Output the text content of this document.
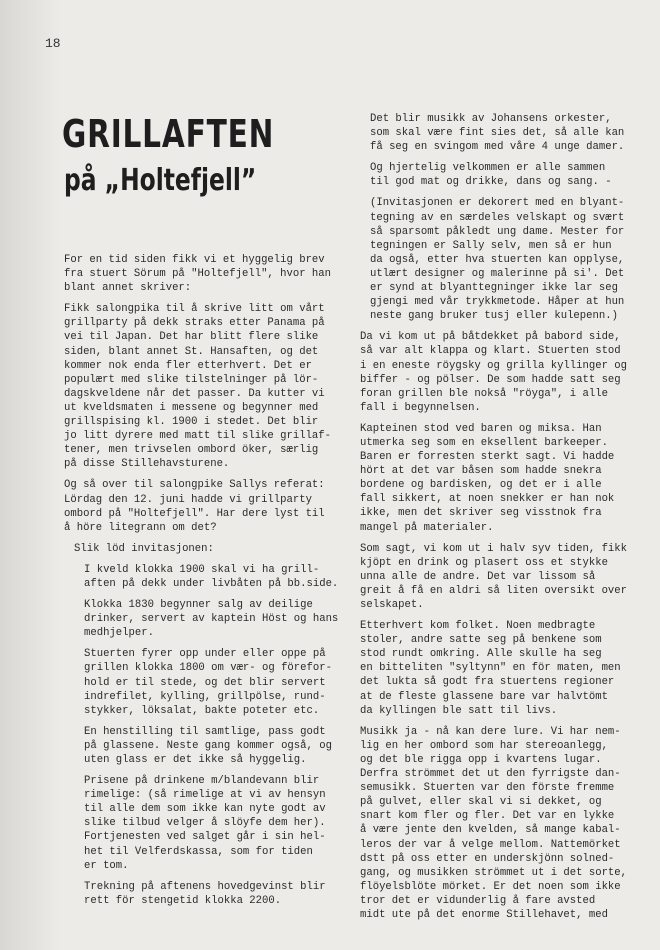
18
GRILLAFTEN
på „Holtefjell”

For en tid siden fikk vi et hyggelig brev
fra stuert Sörum på "Holtefjell", hvor han
blant annet skriver:

Fikk salongpika til å skrive litt om vårt
grillparty på dekk straks etter Panama på
vei til Japan. Det har blitt flere slike
siden, blant annet St. Hansaften, og det
kommer nok enda fler etterhvert. Det er
populært med slike tilstelninger på lör-
dagskveldene når det passer. Da kutter vi
ut kveldsmaten i messene og begynner med
grillspising kl. 1900 i stedet. Det blir
jo litt dyrere med matt til slike grillaf-
tener, men trivselen ombord öker, særlig
på disse Stillehavsturene.

Og så over til salongpike Sallys referat:
Lördag den 12. juni hadde vi grillparty
ombord på "Holtefjell". Har dere lyst til
å höre litegrann om det?

Slik löd invitasjonen:

I kveld klokka 1900 skal vi ha grill-
aften på dekk under livbåten på bb.side.

Klokka 1830 begynner salg av deilige
drinker, servert av kaptein Höst og hans
medhjelper.

Stuerten fyrer opp under eller oppe på
grillen klokka 1800 om vær- og förefor-
hold er til stede, og det blir servert
indrefilet, kylling, grillpölse, rund-
stykker, löksalat, bakte poteter etc.

En henstilling til samtlige, pass godt
på glassene. Neste gang kommer også, og
uten glass er det ikke så hyggelig.

Prisene på drinkene m/blandevann blir
rimelige: (så rimelige at vi av hensyn
til alle dem som ikke kan nyte godt av
slike tilbud velger å slöyfe dem her).
Fortjenesten ved salget går i sin hel-
het til Velferdskassa, som for tiden
er tom.

Trekning på aftenens hovedgevinst blir
rett för stengetid klokka 2200.

Det blir musikk av Johansens orkester,
som skal være fint sies det, så alle kan
få seg en svingom med våre 4 unge damer.

Og hjertelig velkommen er alle sammen
til god mat og drikke, dans og sang. -

(Invitasjonen er dekorert med en blyant-
tegning av en særdeles velskapt og svært
så sparsomt påkledt ung dame. Mester for
tegningen er Sally selv, men så er hun
da også, etter hva stuerten kan opplyse,
utlært designer og malerinne på si'. Det
er synd at blyanttegninger ikke lar seg
gjengi med vår trykkmetode. Håper at hun
neste gang bruker tusj eller kulepenn.)

Da vi kom ut på båtdekket på babord side,
så var alt klappa og klart. Stuerten stod
i en eneste röygsky og grilla kyllinger og
biffer - og pölser. De som hadde satt seg
foran grillen ble nokså "röyga", i alle
fall i begynnelsen.

Kapteinen stod ved baren og miksa. Han
utmerka seg som en eksellent barkeeper.
Baren er forresten sterkt sagt. Vi hadde
hört at det var båsen som hadde snekra
bordene og bardisken, og det er i alle
fall sikkert, at noen snekker er han nok
ikke, men det skriver seg visstnok fra
mangel på materialer.

Som sagt, vi kom ut i halv syv tiden, fikk
kjöpt en drink og plasert oss et stykke
unna alle de andre. Det var lissom så
greit å få en aldri så liten oversikt over
selskapet.

Etterhvert kom folket. Noen medbragte
stoler, andre satte seg på benkene som
stod rundt omkring. Alle skulle ha seg
en bitteliten "syltynn" en för maten, men
det lukta så godt fra stuertens regioner
at de fleste glassene bare var halvtömt
da kyllingen ble satt til livs.

Musikk ja - nå kan dere lure. Vi har nem-
lig en her ombord som har stereoanlegg,
og det ble rigga opp i kvartens lugar.
Derfra strömmet det ut den fyrrigste dan-
semusikk. Stuerten var den förste fremme
på gulvet, eller skal vi si dekket, og
snart kom fler og fler. Det var en lykke
å være jente den kvelden, så mange kabal-
leros der var å velge mellom. Nattemörket
dstt på oss etter en underskjönn solned-
gang, og musikken strömmet ut i det sorte,
flöyelsblöte mörket. Er det noen som ikke
tror det er vidunderlig å fare avsted
midt ute på det enorme Stillehavet, med
